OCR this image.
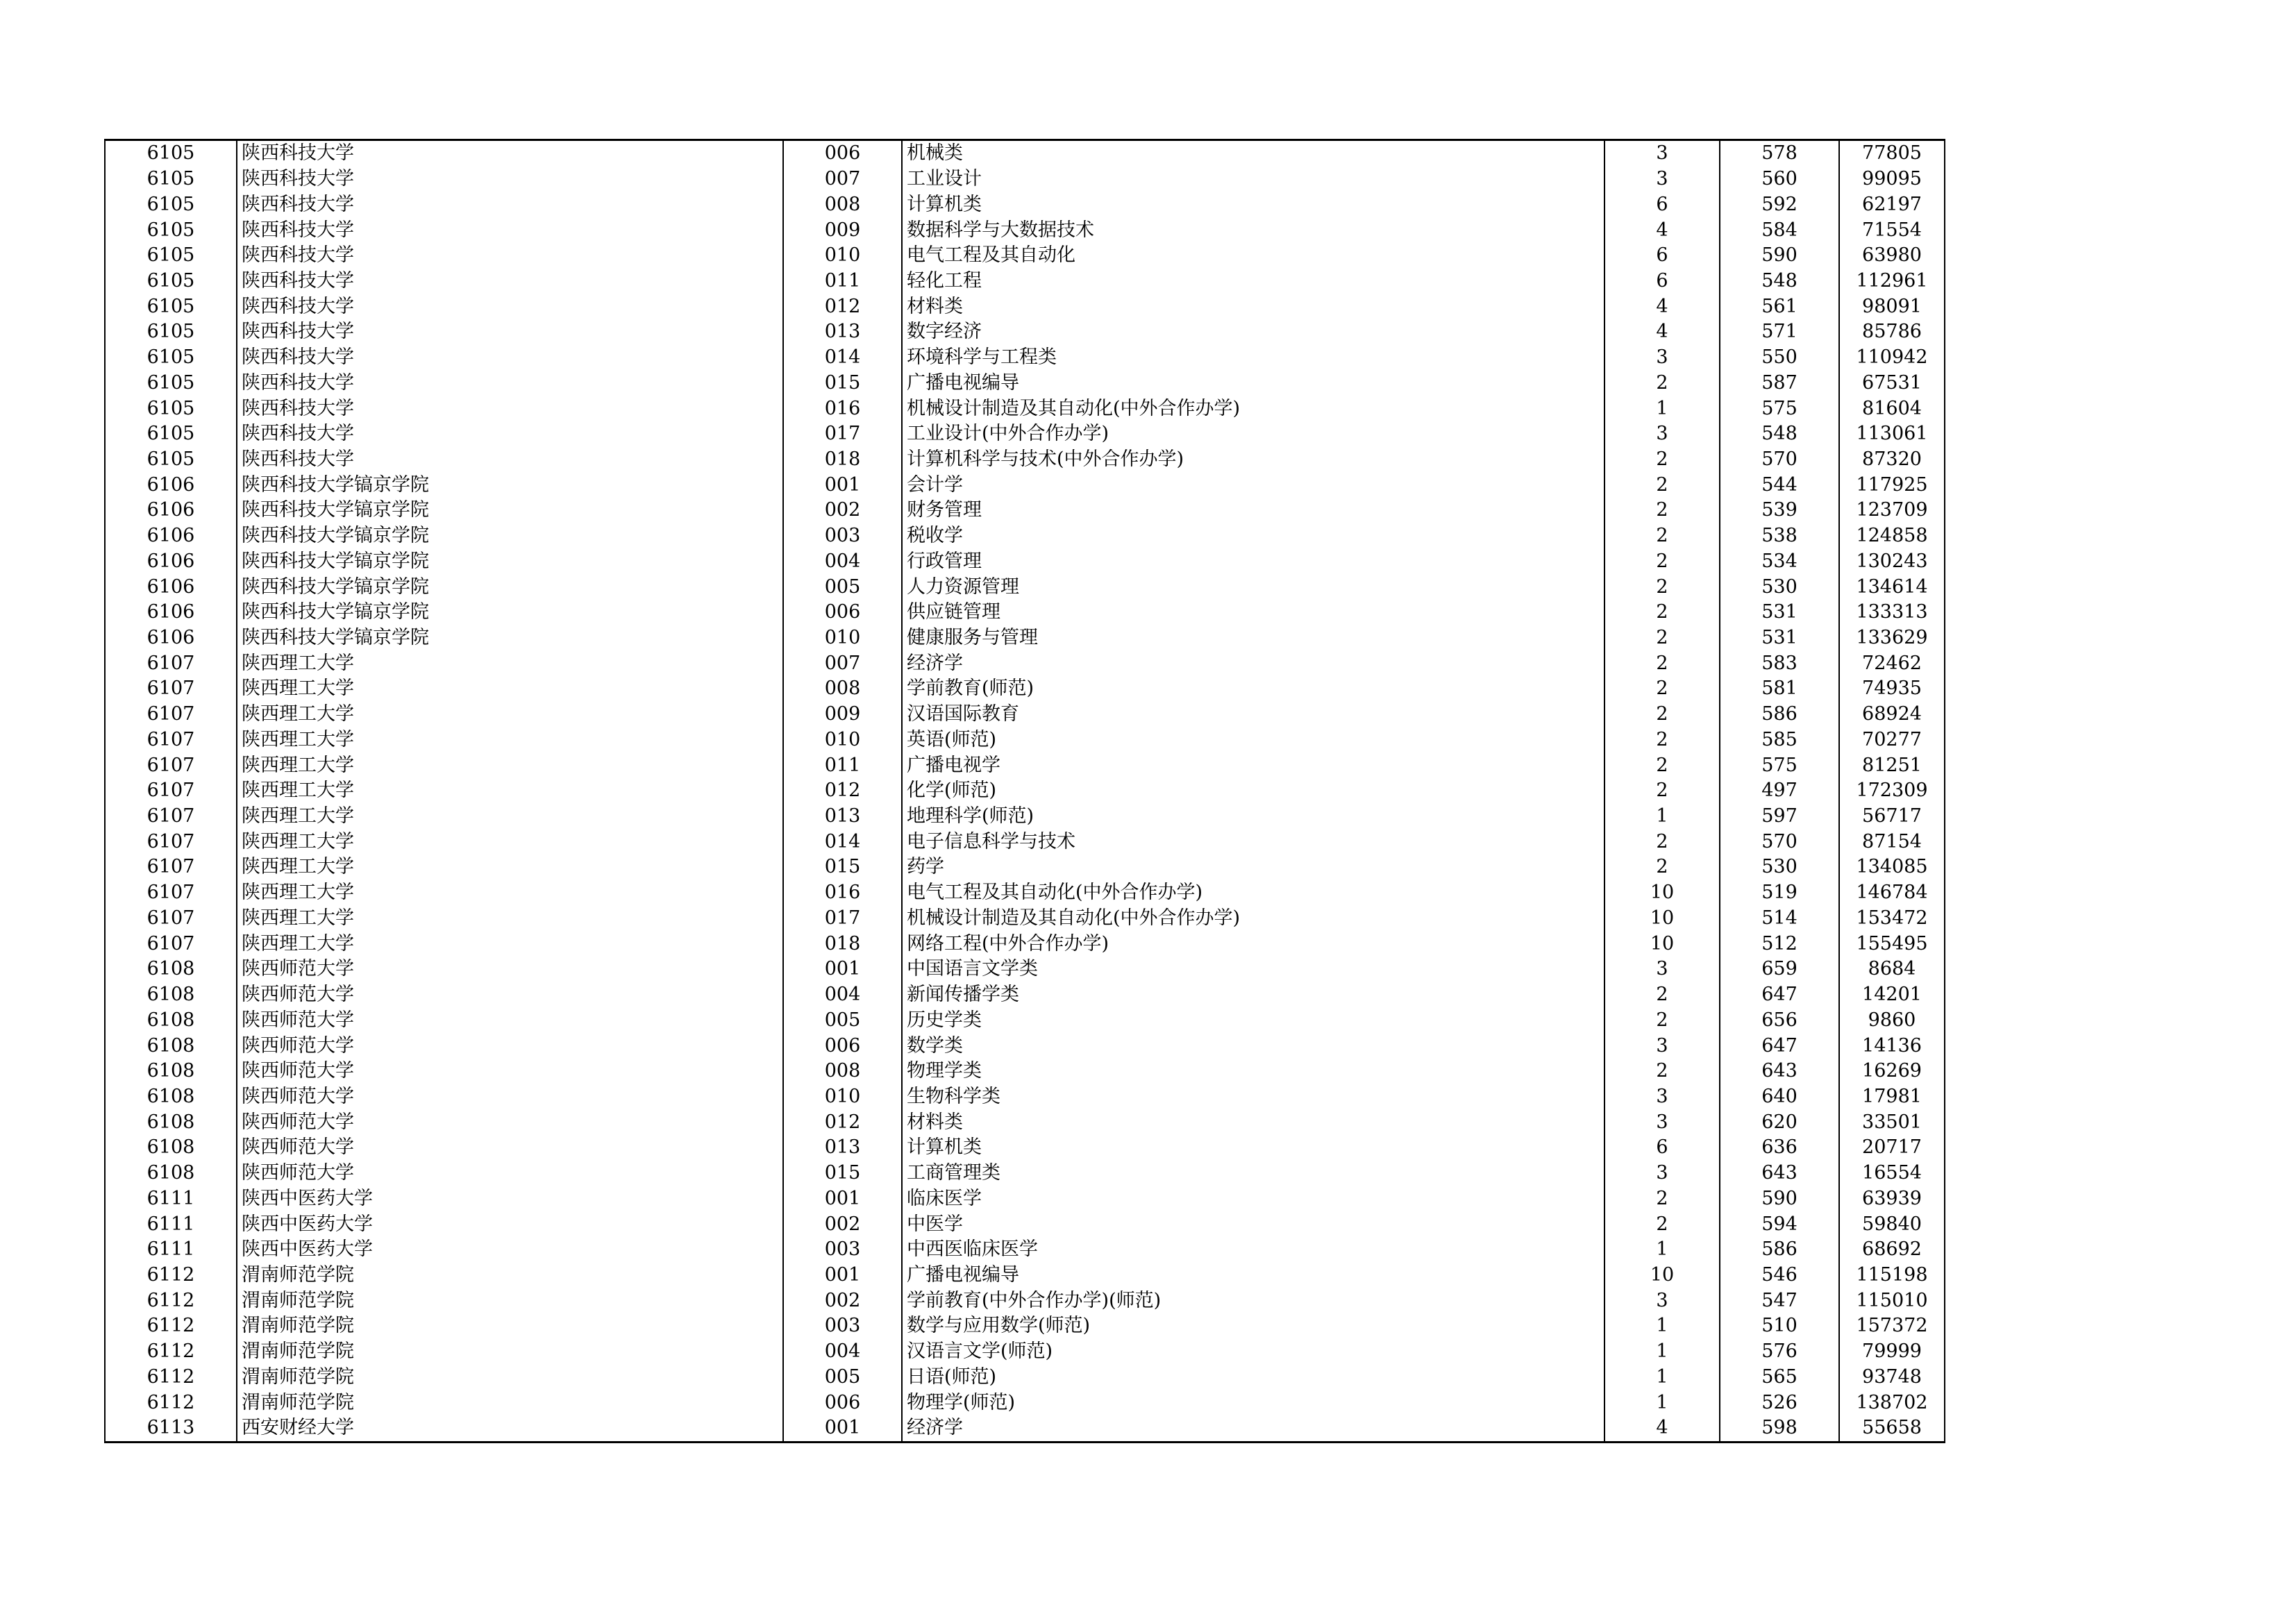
6105	陕西科技大学	006	机械类	3	578	77805
6105	陕西科技大学	007	工业设计	3	560	99095
6105	陕西科技大学	008	计算机类	6	592	62197
6105	陕西科技大学	009	数据科学与大数据技术	4	584	71554
6105	陕西科技大学	010	电气工程及其自动化	6	590	63980
6105	陕西科技大学	011	轻化工程	6	548	112961
6105	陕西科技大学	012	材料类	4	561	98091
6105	陕西科技大学	013	数字经济	4	571	85786
6105	陕西科技大学	014	环境科学与工程类	3	550	110942
6105	陕西科技大学	015	广播电视编导	2	587	67531
6105	陕西科技大学	016	机械设计制造及其自动化(中外合作办学)	1	575	81604
6105	陕西科技大学	017	工业设计(中外合作办学)	3	548	113061
6105	陕西科技大学	018	计算机科学与技术(中外合作办学)	2	570	87320
6106	陕西科技大学镐京学院	001	会计学	2	544	117925
6106	陕西科技大学镐京学院	002	财务管理	2	539	123709
6106	陕西科技大学镐京学院	003	税收学	2	538	124858
6106	陕西科技大学镐京学院	004	行政管理	2	534	130243
6106	陕西科技大学镐京学院	005	人力资源管理	2	530	134614
6106	陕西科技大学镐京学院	006	供应链管理	2	531	133313
6106	陕西科技大学镐京学院	010	健康服务与管理	2	531	133629
6107	陕西理工大学	007	经济学	2	583	72462
6107	陕西理工大学	008	学前教育(师范)	2	581	74935
6107	陕西理工大学	009	汉语国际教育	2	586	68924
6107	陕西理工大学	010	英语(师范)	2	585	70277
6107	陕西理工大学	011	广播电视学	2	575	81251
6107	陕西理工大学	012	化学(师范)	2	497	172309
6107	陕西理工大学	013	地理科学(师范)	1	597	56717
6107	陕西理工大学	014	电子信息科学与技术	2	570	87154
6107	陕西理工大学	015	药学	2	530	134085
6107	陕西理工大学	016	电气工程及其自动化(中外合作办学)	10	519	146784
6107	陕西理工大学	017	机械设计制造及其自动化(中外合作办学)	10	514	153472
6107	陕西理工大学	018	网络工程(中外合作办学)	10	512	155495
6108	陕西师范大学	001	中国语言文学类	3	659	8684
6108	陕西师范大学	004	新闻传播学类	2	647	14201
6108	陕西师范大学	005	历史学类	2	656	9860
6108	陕西师范大学	006	数学类	3	647	14136
6108	陕西师范大学	008	物理学类	2	643	16269
6108	陕西师范大学	010	生物科学类	3	640	17981
6108	陕西师范大学	012	材料类	3	620	33501
6108	陕西师范大学	013	计算机类	6	636	20717
6108	陕西师范大学	015	工商管理类	3	643	16554
6111	陕西中医药大学	001	临床医学	2	590	63939
6111	陕西中医药大学	002	中医学	2	594	59840
6111	陕西中医药大学	003	中西医临床医学	1	586	68692
6112	渭南师范学院	001	广播电视编导	10	546	115198
6112	渭南师范学院	002	学前教育(中外合作办学)(师范)	3	547	115010
6112	渭南师范学院	003	数学与应用数学(师范)	1	510	157372
6112	渭南师范学院	004	汉语言文学(师范)	1	576	79999
6112	渭南师范学院	005	日语(师范)	1	565	93748
6112	渭南师范学院	006	物理学(师范)	1	526	138702
6113	西安财经大学	001	经济学	4	598	55658
